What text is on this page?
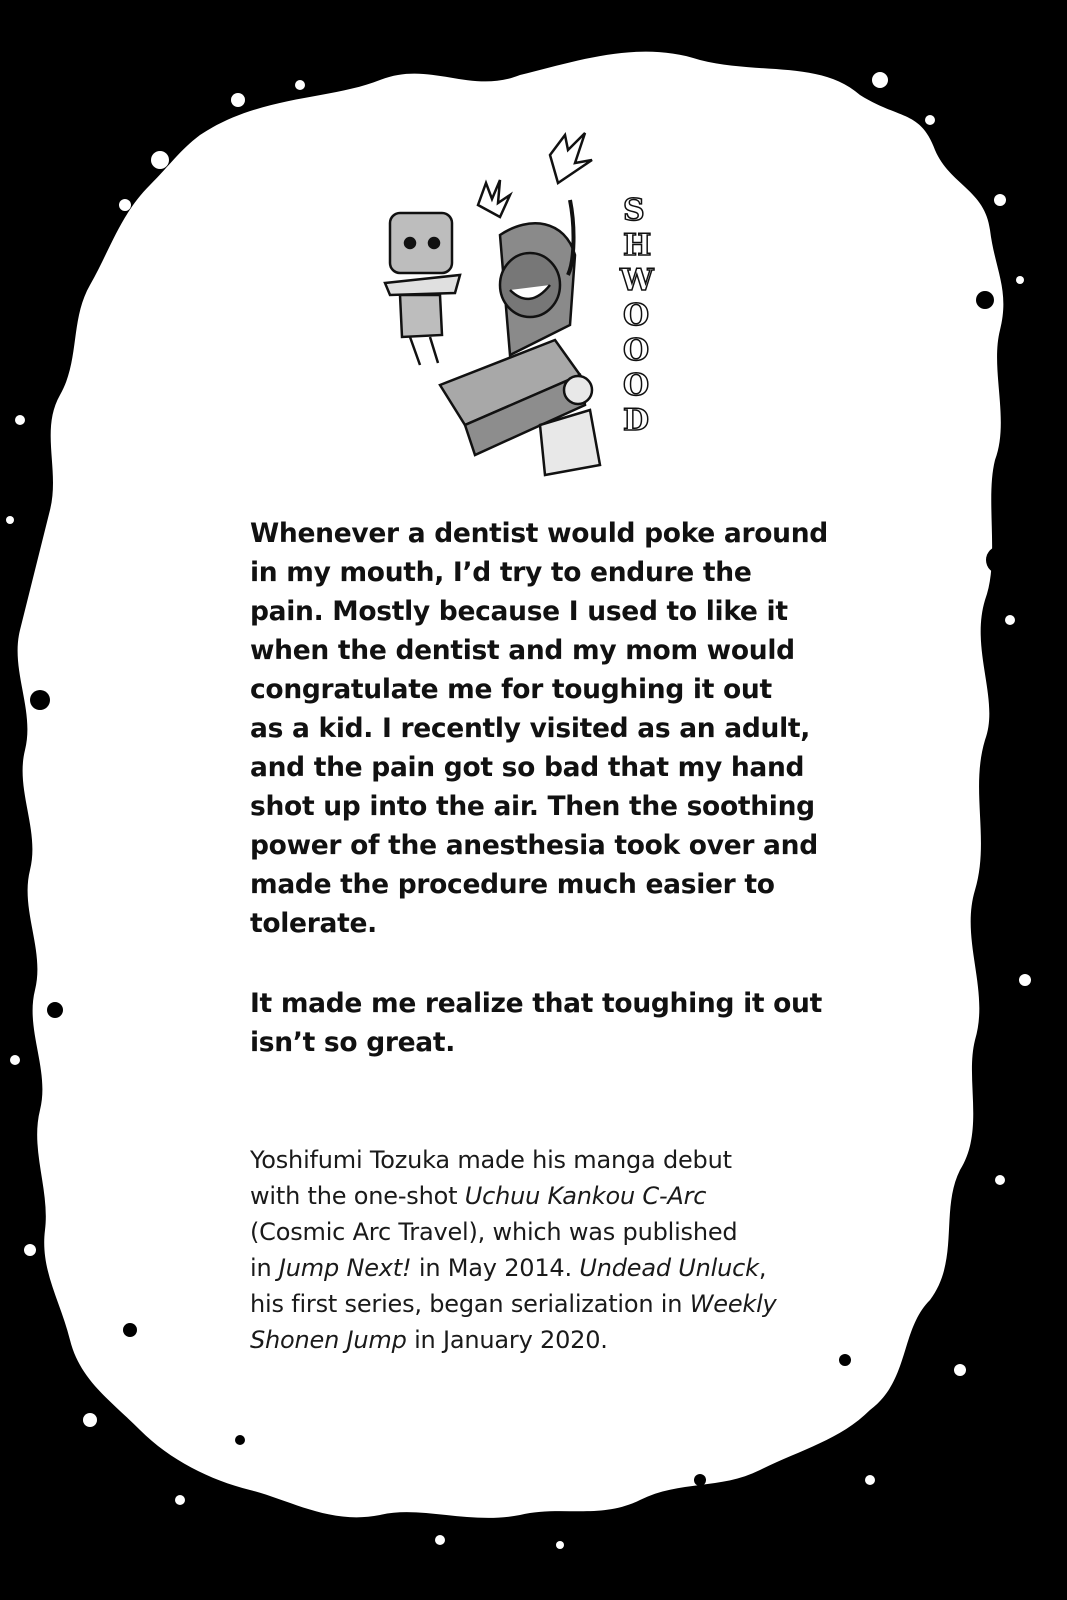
S
H
W
O
O
O
D
Whenever a dentist would poke around
in my mouth, I’d try to endure the
pain. Mostly because I used to like it
when the dentist and my mom would
congratulate me for toughing it out
as a kid. I recently visited as an adult,
and the pain got so bad that my hand
shot up into the air. Then the soothing
power of the anesthesia took over and
made the procedure much easier to
tolerate.
It made me realize that toughing it out
isn’t so great.
Yoshifumi Tozuka made his manga debut
with the one-shot Uchuu Kankou C-Arc
(Cosmic Arc Travel), which was published
in Jump Next! in May 2014. Undead Unluck,
his first series, began serialization in Weekly
Shonen Jump in January 2020.
